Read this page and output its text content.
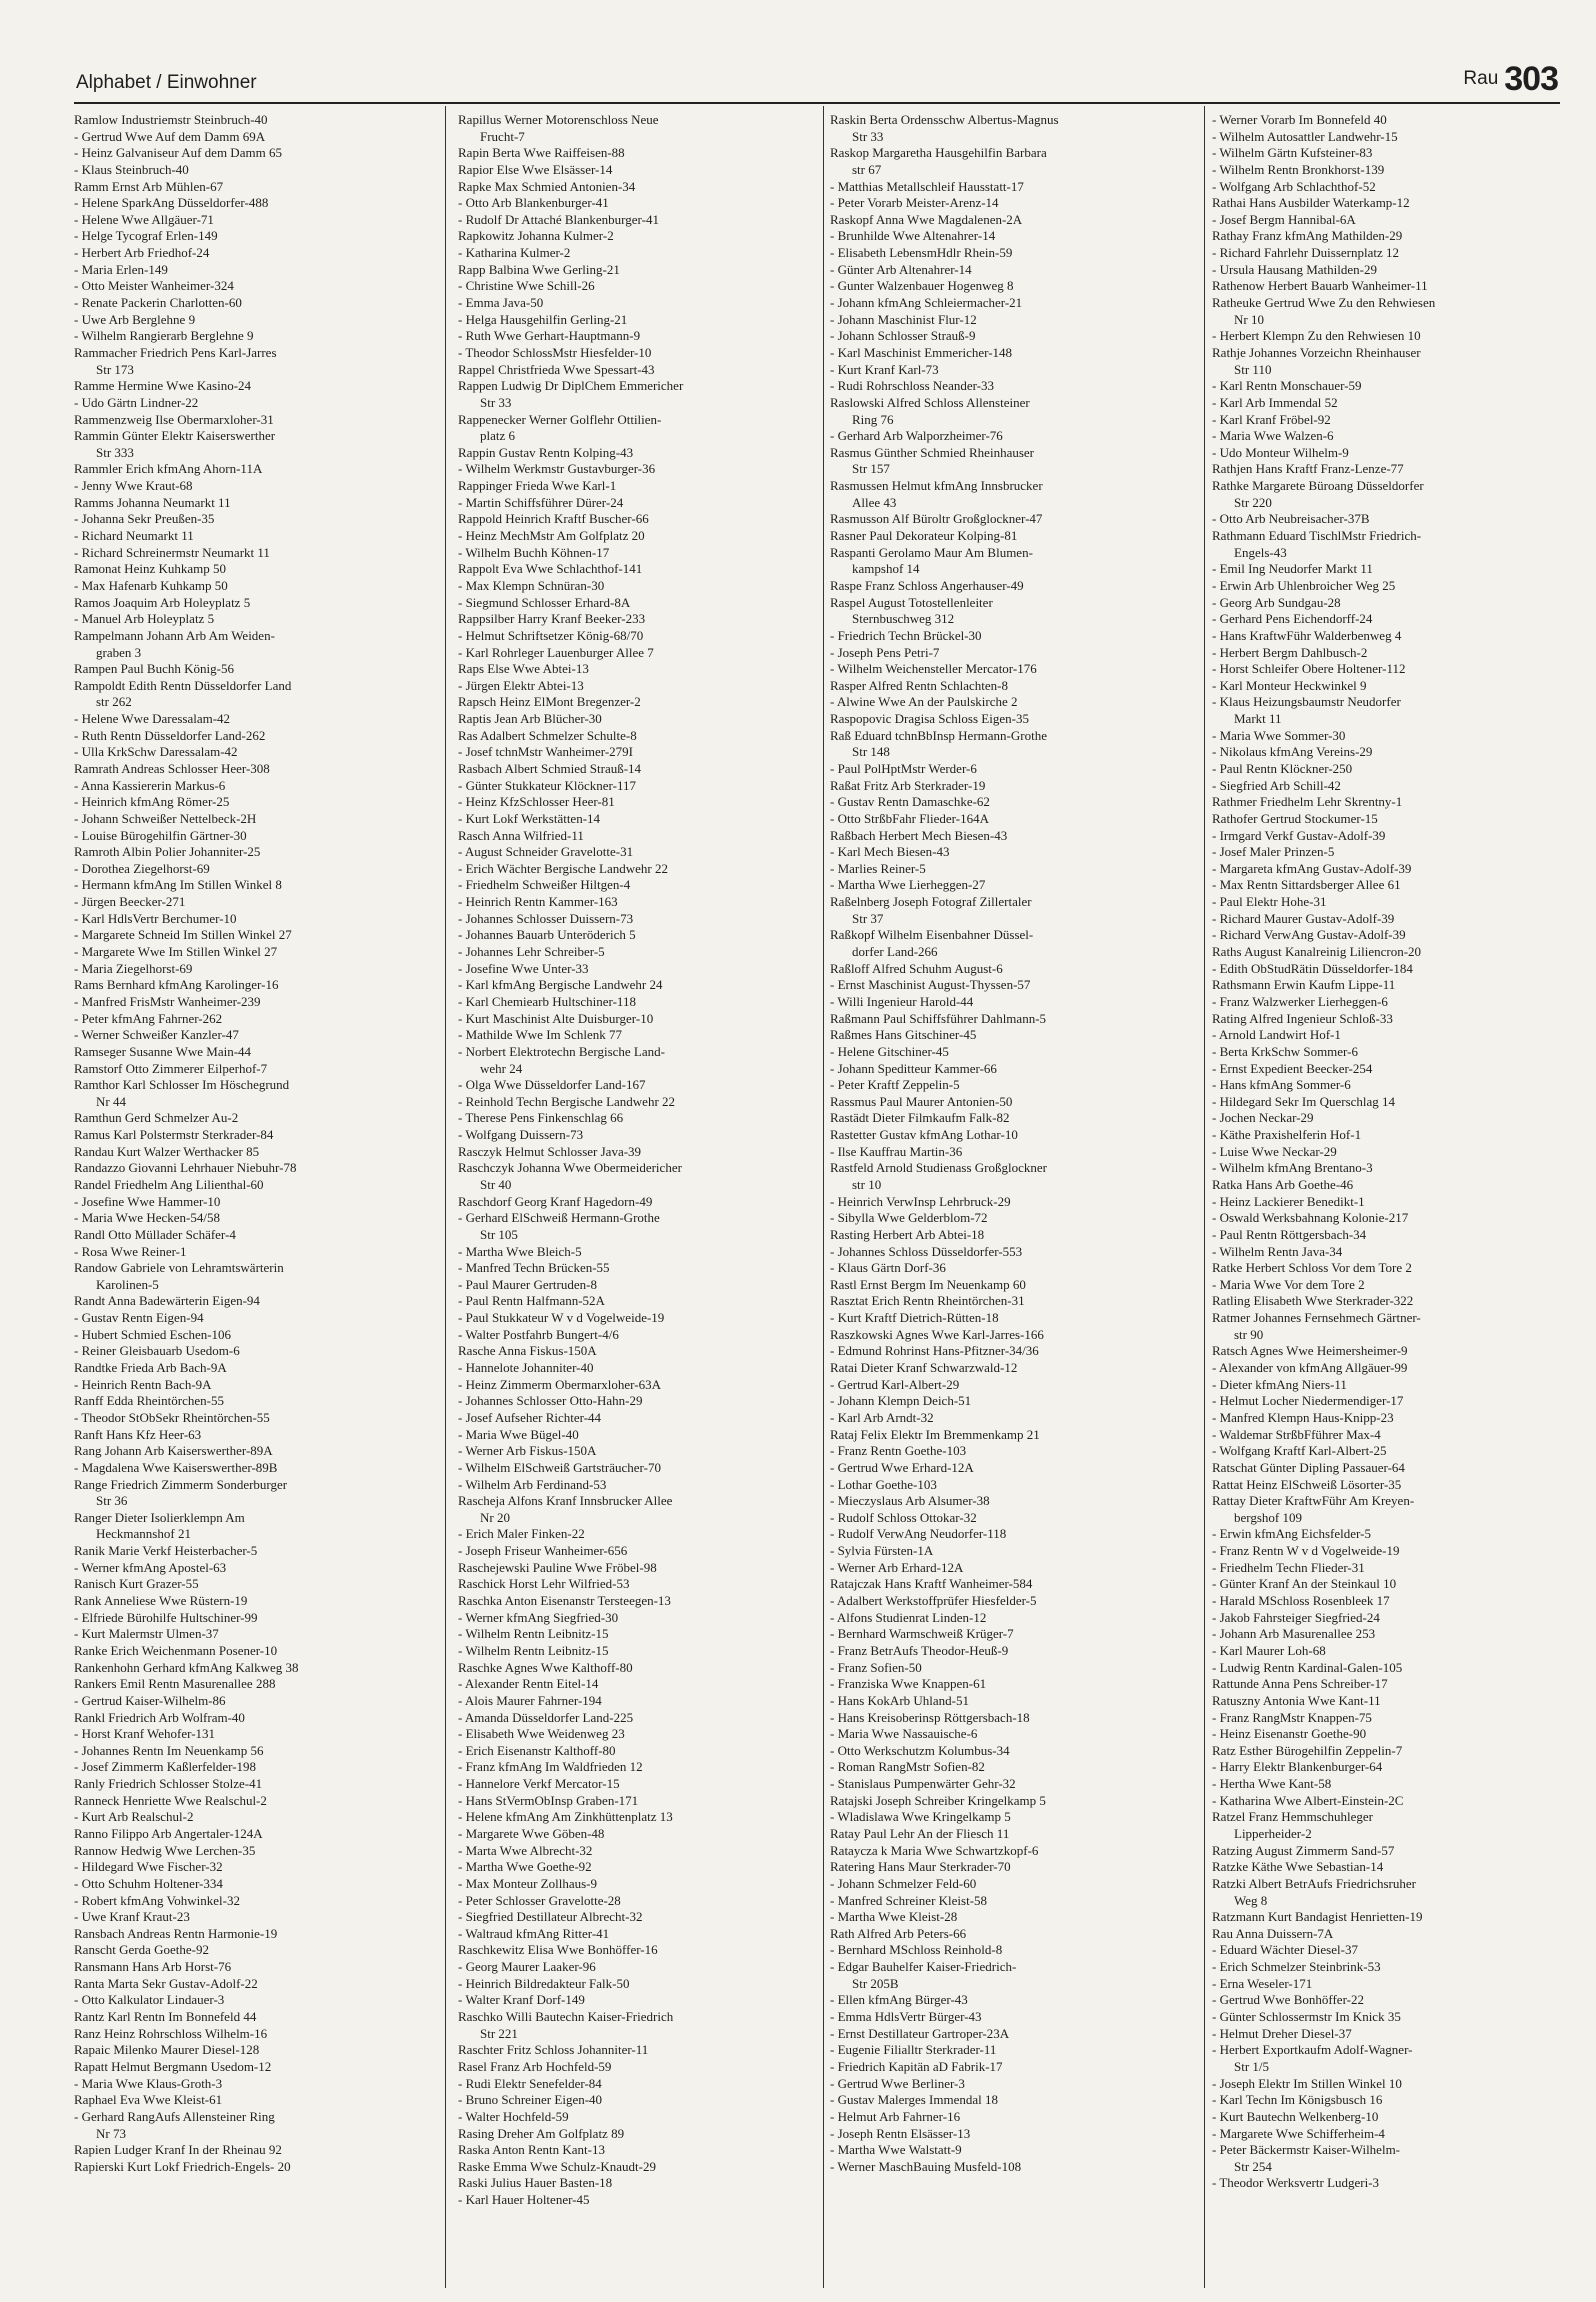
Alphabet / Einwohner	Rau 303
Ramlow Industriemstr Steinbruch-40
- Gertrud Wwe Auf dem Damm 69A
- Heinz Galvaniseur Auf dem Damm 65
- Klaus Steinbruch-40
Ramm Ernst Arb Mühlen-67
- Helene SparkAng Düsseldorfer-488
- Helene Wwe Allgäuer-71
- Helge Tycograf Erlen-149
- Herbert Arb Friedhof-24
- Maria Erlen-149
- Otto Meister Wanheimer-324
- Renate Packerin Charlotten-60
- Uwe Arb Berglehne 9
- Wilhelm Rangierarb Berglehne 9
Rammacher Friedrich Pens Karl-Jarres
Str 173
Ramme Hermine Wwe Kasino-24
- Udo Gärtn Lindner-22
Rammenzweig Ilse Obermarxloher-31
Rammin Günter Elektr Kaiserswerther
Str 333
Rammler Erich kfmAng Ahorn-11A
- Jenny Wwe Kraut-68
Ramms Johanna Neumarkt 11
- Johanna Sekr Preußen-35
- Richard Neumarkt 11
- Richard Schreinermstr Neumarkt 11
Ramonat Heinz Kuhkamp 50
- Max Hafenarb Kuhkamp 50
Ramos Joaquim Arb Holeyplatz 5
- Manuel Arb Holeyplatz 5
Rampelmann Johann Arb Am Weiden-
graben 3
Rampen Paul Buchh König-56
Rampoldt Edith Rentn Düsseldorfer Land
str 262
- Helene Wwe Daressalam-42
- Ruth Rentn Düsseldorfer Land-262
- Ulla KrkSchw Daressalam-42
Ramrath Andreas Schlosser Heer-308
- Anna Kassiererin Markus-6
- Heinrich kfmAng Römer-25
- Johann Schweißer Nettelbeck-2H
- Louise Bürogehilfin Gärtner-30
Ramroth Albin Polier Johanniter-25
- Dorothea Ziegelhorst-69
- Hermann kfmAng Im Stillen Winkel 8
- Jürgen Beecker-271
- Karl HdlsVertr Berchumer-10
- Margarete Schneid Im Stillen Winkel 27
- Margarete Wwe Im Stillen Winkel 27
- Maria Ziegelhorst-69
Rams Bernhard kfmAng Karolinger-16
- Manfred FrisMstr Wanheimer-239
- Peter kfmAng Fahrner-262
- Werner Schweißer Kanzler-47
Ramseger Susanne Wwe Main-44
Ramstorf Otto Zimmerer Eilperhof-7
Ramthor Karl Schlosser Im Höschegrund
Nr 44
Ramthun Gerd Schmelzer Au-2
Ramus Karl Polstermstr Sterkrader-84
Randau Kurt Walzer Werthacker 85
Randazzo Giovanni Lehrhauer Niebuhr-78
Randel Friedhelm Ang Lilienthal-60
- Josefine Wwe Hammer-10
- Maria Wwe Hecken-54/58
Randl Otto Müllader Schäfer-4
- Rosa Wwe Reiner-1
Randow Gabriele von Lehramtswärterin
Karolinen-5
Randt Anna Badewärterin Eigen-94
- Gustav Rentn Eigen-94
- Hubert Schmied Eschen-106
- Reiner Gleisbauarb Usedom-6
Randtke Frieda Arb Bach-9A
- Heinrich Rentn Bach-9A
Ranff Edda Rheintörchen-55
- Theodor StObSekr Rheintörchen-55
Ranft Hans Kfz Heer-63
Rang Johann Arb Kaiserswerther-89A
- Magdalena Wwe Kaiserswerther-89B
Range Friedrich Zimmerm Sonderburger
Str 36
Ranger Dieter Isolierklempn Am
Heckmannshof 21
Ranik Marie Verkf Heisterbacher-5
- Werner kfmAng Apostel-63
Ranisch Kurt Grazer-55
Rank Anneliese Wwe Rüstern-19
- Elfriede Bürohilfe Hultschiner-99
- Kurt Malermstr Ulmen-37
Ranke Erich Weichenmann Posener-10
Rankenhohn Gerhard kfmAng Kalkweg 38
Rankers Emil Rentn Masurenallee 288
- Gertrud Kaiser-Wilhelm-86
Rankl Friedrich Arb Wolfram-40
- Horst Kranf Wehofer-131
- Johannes Rentn Im Neuenkamp 56
- Josef Zimmerm Kaßlerfelder-198
Ranly Friedrich Schlosser Stolze-41
Ranneck Henriette Wwe Realschul-2
- Kurt Arb Realschul-2
Ranno Filippo Arb Angertaler-124A
Rannow Hedwig Wwe Lerchen-35
- Hildegard Wwe Fischer-32
- Otto Schuhm Holtener-334
- Robert kfmAng Vohwinkel-32
- Uwe Kranf Kraut-23
Ransbach Andreas Rentn Harmonie-19
Ranscht Gerda Goethe-92
Ransmann Hans Arb Horst-76
Ranta Marta Sekr Gustav-Adolf-22
- Otto Kalkulator Lindauer-3
Rantz Karl Rentn Im Bonnefeld 44
Ranz Heinz Rohrschloss Wilhelm-16
Rapaic Milenko Maurer Diesel-128
Rapatt Helmut Bergmann Usedom-12
- Maria Wwe Klaus-Groth-3
Raphael Eva Wwe Kleist-61
- Gerhard RangAufs Allensteiner Ring
Nr 73
Rapien Ludger Kranf In der Rheinau 92
Rapierski Kurt Lokf Friedrich-Engels- 20
Rapillus Werner Motorenschloss Neue
Frucht-7
Rapin Berta Wwe Raiffeisen-88
Rapior Else Wwe Elsässer-14
Rapke Max Schmied Antonien-34
- Otto Arb Blankenburger-41
- Rudolf Dr Attaché Blankenburger-41
Rapkowitz Johanna Kulmer-2
- Katharina Kulmer-2
Rapp Balbina Wwe Gerling-21
- Christine Wwe Schill-26
- Emma Java-50
- Helga Hausgehilfin Gerling-21
- Ruth Wwe Gerhart-Hauptmann-9
- Theodor SchlossMstr Hiesfelder-10
Rappel Christfrieda Wwe Spessart-43
Rappen Ludwig Dr DiplChem Emmericher
Str 33
Rappenecker Werner Golflehr Ottilien-
platz 6
Rappin Gustav Rentn Kolping-43
- Wilhelm Werkmstr Gustavburger-36
Rappinger Frieda Wwe Karl-1
- Martin Schiffsführer Dürer-24
Rappold Heinrich Kraftf Buscher-66
- Heinz MechMstr Am Golfplatz 20
- Wilhelm Buchh Köhnen-17
Rappolt Eva Wwe Schlachthof-141
- Max Klempn Schnüran-30
- Siegmund Schlosser Erhard-8A
Rappsilber Harry Kranf Beeker-233
- Helmut Schriftsetzer König-68/70
- Karl Rohrleger Lauenburger Allee 7
Raps Else Wwe Abtei-13
- Jürgen Elektr Abtei-13
Rapsch Heinz ElMont Bregenzer-2
Raptis Jean Arb Blücher-30
Ras Adalbert Schmelzer Schulte-8
- Josef tchnMstr Wanheimer-279I
Rasbach Albert Schmied Strauß-14
- Günter Stukkateur Klöckner-117
- Heinz KfzSchlosser Heer-81
- Kurt Lokf Werkstätten-14
Rasch Anna Wilfried-11
- August Schneider Gravelotte-31
- Erich Wächter Bergische Landwehr 22
- Friedhelm Schweißer Hiltgen-4
- Heinrich Rentn Kammer-163
- Johannes Schlosser Duissern-73
- Johannes Bauarb Unteröderich 5
- Johannes Lehr Schreiber-5
- Josefine Wwe Unter-33
- Karl kfmAng Bergische Landwehr 24
- Karl Chemiearb Hultschiner-118
- Kurt Maschinist Alte Duisburger-10
- Mathilde Wwe Im Schlenk 77
- Norbert Elektrotechn Bergische Land-
wehr 24
- Olga Wwe Düsseldorfer Land-167
- Reinhold Techn Bergische Landwehr 22
- Therese Pens Finkenschlag 66
- Wolfgang Duissern-73
Rasczyk Helmut Schlosser Java-39
Raschczyk Johanna Wwe Obermeidericher
Str 40
Raschdorf Georg Kranf Hagedorn-49
- Gerhard ElSchweiß Hermann-Grothe
Str 105
- Martha Wwe Bleich-5
- Manfred Techn Brücken-55
- Paul Maurer Gertruden-8
- Paul Rentn Halfmann-52A
- Paul Stukkateur W v d Vogelweide-19
- Walter Postfahrb Bungert-4/6
Rasche Anna Fiskus-150A
- Hannelote Johanniter-40
- Heinz Zimmerm Obermarxloher-63A
- Johannes Schlosser Otto-Hahn-29
- Josef Aufseher Richter-44
- Maria Wwe Bügel-40
- Werner Arb Fiskus-150A
- Wilhelm ElSchweiß Gartsträucher-70
- Wilhelm Arb Ferdinand-53
Rascheja Alfons Kranf Innsbrucker Allee
Nr 20
- Erich Maler Finken-22
- Joseph Friseur Wanheimer-656
Raschejewski Pauline Wwe Fröbel-98
Raschick Horst Lehr Wilfried-53
Raschka Anton Eisenanstr Tersteegen-13
- Werner kfmAng Siegfried-30
- Wilhelm Rentn Leibnitz-15
- Wilhelm Rentn Leibnitz-15
Raschke Agnes Wwe Kalthoff-80
- Alexander Rentn Eitel-14
- Alois Maurer Fahrner-194
- Amanda Düsseldorfer Land-225
- Elisabeth Wwe Weidenweg 23
- Erich Eisenanstr Kalthoff-80
- Franz kfmAng Im Waldfrieden 12
- Hannelore Verkf Mercator-15
- Hans StVermObInsp Graben-171
- Helene kfmAng Am Zinkhüttenplatz 13
- Margarete Wwe Göben-48
- Marta Wwe Albrecht-32
- Martha Wwe Goethe-92
- Max Monteur Zollhaus-9
- Peter Schlosser Gravelotte-28
- Siegfried Destillateur Albrecht-32
- Waltraud kfmAng Ritter-41
Raschkewitz Elisa Wwe Bonhöffer-16
- Georg Maurer Laaker-96
- Heinrich Bildredakteur Falk-50
- Walter Kranf Dorf-149
Raschko Willi Bautechn Kaiser-Friedrich
Str 221
Raschter Fritz Schloss Johanniter-11
Rasel Franz Arb Hochfeld-59
- Rudi Elektr Senefelder-84
- Bruno Schreiner Eigen-40
- Walter Hochfeld-59
Rasing Dreher Am Golfplatz 89
Raska Anton Rentn Kant-13
Raske Emma Wwe Schulz-Knaudt-29
Raski Julius Hauer Basten-18
- Karl Hauer Holtener-45
Raskin Berta Ordensschw Albertus-Magnus
Str 33
Raskop Margaretha Hausgehilfin Barbara
str 67
- Matthias Metallschleif Hausstatt-17
- Peter Vorarb Meister-Arenz-14
Raskopf Anna Wwe Magdalenen-2A
- Brunhilde Wwe Altenahrer-14
- Elisabeth LebensmHdlr Rhein-59
- Günter Arb Altenahrer-14
- Gunter Walzenbauer Hogenweg 8
- Johann kfmAng Schleiermacher-21
- Johann Maschinist Flur-12
- Johann Schlosser Strauß-9
- Karl Maschinist Emmericher-148
- Kurt Kranf Karl-73
- Rudi Rohrschloss Neander-33
Raslowski Alfred Schloss Allensteiner
Ring 76
- Gerhard Arb Walporzheimer-76
Rasmus Günther Schmied Rheinhauser
Str 157
Rasmussen Helmut kfmAng Innsbrucker
Allee 43
Rasmusson Alf Büroltr Großglockner-47
Rasner Paul Dekorateur Kolping-81
Raspanti Gerolamo Maur Am Blumen-
kampshof 14
Raspe Franz Schloss Angerhauser-49
Raspel August Totostellenleiter
Sternbuschweg 312
- Friedrich Techn Brückel-30
- Joseph Pens Petri-7
- Wilhelm Weichensteller Mercator-176
Rasper Alfred Rentn Schlachten-8
- Alwine Wwe An der Paulskirche 2
Raspopovic Dragisa Schloss Eigen-35
Raß Eduard tchnBbInsp Hermann-Grothe
Str 148
- Paul PolHptMstr Werder-6
Raßat Fritz Arb Sterkrader-19
- Gustav Rentn Damaschke-62
- Otto StrßbFahr Flieder-164A
Raßbach Herbert Mech Biesen-43
- Karl Mech Biesen-43
- Marlies Reiner-5
- Martha Wwe Lierheggen-27
Raßelnberg Joseph Fotograf Zillertaler
Str 37
Raßkopf Wilhelm Eisenbahner Düssel-
dorfer Land-266
Raßloff Alfred Schuhm August-6
- Ernst Maschinist August-Thyssen-57
- Willi Ingenieur Harold-44
Raßmann Paul Schiffsführer Dahlmann-5
Raßmes Hans Gitschiner-45
- Helene Gitschiner-45
- Johann Speditteur Kammer-66
- Peter Kraftf Zeppelin-5
Rassmus Paul Maurer Antonien-50
Rastädt Dieter Filmkaufm Falk-82
Rastetter Gustav kfmAng Lothar-10
- Ilse Kauffrau Martin-36
Rastfeld Arnold Studienass Großglockner
str 10
- Heinrich VerwInsp Lehrbruck-29
- Sibylla Wwe Gelderblom-72
Rasting Herbert Arb Abtei-18
- Johannes Schloss Düsseldorfer-553
- Klaus Gärtn Dorf-36
Rastl Ernst Bergm Im Neuenkamp 60
Rasztat Erich Rentn Rheintörchen-31
- Kurt Kraftf Dietrich-Rütten-18
Raszkowski Agnes Wwe Karl-Jarres-166
- Edmund Rohrinst Hans-Pfitzner-34/36
Ratai Dieter Kranf Schwarzwald-12
- Gertrud Karl-Albert-29
- Johann Klempn Deich-51
- Karl Arb Arndt-32
Rataj Felix Elektr Im Bremmenkamp 21
- Franz Rentn Goethe-103
- Gertrud Wwe Erhard-12A
- Lothar Goethe-103
- Mieczyslaus Arb Alsumer-38
- Rudolf Schloss Ottokar-32
- Rudolf VerwAng Neudorfer-118
- Sylvia Fürsten-1A
- Werner Arb Erhard-12A
Ratajczak Hans Kraftf Wanheimer-584
- Adalbert Werkstoffprüfer Hiesfelder-5
- Alfons Studienrat Linden-12
- Bernhard Warmschweiß Krüger-7
- Franz BetrAufs Theodor-Heuß-9
- Franz Sofien-50
- Franziska Wwe Knappen-61
- Hans KokArb Uhland-51
- Hans Kreisoberinsp Röttgersbach-18
- Maria Wwe Nassauische-6
- Otto Werkschutzm Kolumbus-34
- Roman RangMstr Sofien-82
- Stanislaus Pumpenwärter Gehr-32
Ratajski Joseph Schreiber Kringelkamp 5
- Wladislawa Wwe Kringelkamp 5
Ratay Paul Lehr An der Fliesch 11
Rataycza k Maria Wwe Schwartzkopf-6
Ratering Hans Maur Sterkrader-70
- Johann Schmelzer Feld-60
- Manfred Schreiner Kleist-58
- Martha Wwe Kleist-28
Rath Alfred Arb Peters-66
- Bernhard MSchloss Reinhold-8
- Edgar Bauhelfer Kaiser-Friedrich-
Str 205B
- Ellen kfmAng Bürger-43
- Emma HdlsVertr Bürger-43
- Ernst Destillateur Gartroper-23A
- Eugenie Filialltr Sterkrader-11
- Friedrich Kapitän aD Fabrik-17
- Gertrud Wwe Berliner-3
- Gustav Malerges Immendal 18
- Helmut Arb Fahrner-16
- Joseph Rentn Elsässer-13
- Martha Wwe Walstatt-9
- Werner MaschBauing Musfeld-108
- Werner Vorarb Im Bonnefeld 40
- Wilhelm Autosattler Landwehr-15
- Wilhelm Gärtn Kufsteiner-83
- Wilhelm Rentn Bronkhorst-139
- Wolfgang Arb Schlachthof-52
Rathai Hans Ausbilder Waterkamp-12
- Josef Bergm Hannibal-6A
Rathay Franz kfmAng Mathilden-29
- Richard Fahrlehr Duissernplatz 12
- Ursula Hausang Mathilden-29
Rathenow Herbert Bauarb Wanheimer-11
Ratheuke Gertrud Wwe Zu den Rehwiesen
Nr 10
- Herbert Klempn Zu den Rehwiesen 10
Rathje Johannes Vorzeichn Rheinhauser
Str 110
- Karl Rentn Monschauer-59
- Karl Arb Immendal 52
- Karl Kranf Fröbel-92
- Maria Wwe Walzen-6
- Udo Monteur Wilhelm-9
Rathjen Hans Kraftf Franz-Lenze-77
Rathke Margarete Büroang Düsseldorfer
Str 220
- Otto Arb Neubreisacher-37B
Rathmann Eduard TischlMstr Friedrich-
Engels-43
- Emil Ing Neudorfer Markt 11
- Erwin Arb Uhlenbroicher Weg 25
- Georg Arb Sundgau-28
- Gerhard Pens Eichendorff-24
- Hans KraftwFühr Walderbenweg 4
- Herbert Bergm Dahlbusch-2
- Horst Schleifer Obere Holtener-112
- Karl Monteur Heckwinkel 9
- Klaus Heizungsbaumstr Neudorfer
Markt 11
- Maria Wwe Sommer-30
- Nikolaus kfmAng Vereins-29
- Paul Rentn Klöckner-250
- Siegfried Arb Schill-42
Rathmer Friedhelm Lehr Skrentny-1
Rathofer Gertrud Stockumer-15
- Irmgard Verkf Gustav-Adolf-39
- Josef Maler Prinzen-5
- Margareta kfmAng Gustav-Adolf-39
- Max Rentn Sittardsberger Allee 61
- Paul Elektr Hohe-31
- Richard Maurer Gustav-Adolf-39
- Richard VerwAng Gustav-Adolf-39
Raths August Kanalreinig Liliencron-20
- Edith ObStudRätin Düsseldorfer-184
Rathsmann Erwin Kaufm Lippe-11
- Franz Walzwerker Lierheggen-6
Rating Alfred Ingenieur Schloß-33
- Arnold Landwirt Hof-1
- Berta KrkSchw Sommer-6
- Ernst Expedient Beecker-254
- Hans kfmAng Sommer-6
- Hildegard Sekr Im Querschlag 14
- Jochen Neckar-29
- Käthe Praxishelferin Hof-1
- Luise Wwe Neckar-29
- Wilhelm kfmAng Brentano-3
Ratka Hans Arb Goethe-46
- Heinz Lackierer Benedikt-1
- Oswald Werksbahnang Kolonie-217
- Paul Rentn Röttgersbach-34
- Wilhelm Rentn Java-34
Ratke Herbert Schloss Vor dem Tore 2
- Maria Wwe Vor dem Tore 2
Ratling Elisabeth Wwe Sterkrader-322
Ratmer Johannes Fernsehmech Gärtner-
str 90
Ratsch Agnes Wwe Heimersheimer-9
- Alexander von kfmAng Allgäuer-99
- Dieter kfmAng Niers-11
- Helmut Locher Niedermendiger-17
- Manfred Klempn Haus-Knipp-23
- Waldemar StrßbFführer Max-4
- Wolfgang Kraftf Karl-Albert-25
Ratschat Günter Dipling Passauer-64
Rattat Heinz ElSchweiß Lösorter-35
Rattay Dieter KraftwFühr Am Kreyen-
bergshof 109
- Erwin kfmAng Eichsfelder-5
- Franz Rentn W v d Vogelweide-19
- Friedhelm Techn Flieder-31
- Günter Kranf An der Steinkaul 10
- Harald MSchloss Rosenbleek 17
- Jakob Fahrsteiger Siegfried-24
- Johann Arb Masurenallee 253
- Karl Maurer Loh-68
- Ludwig Rentn Kardinal-Galen-105
Rattunde Anna Pens Schreiber-17
Ratuszny Antonia Wwe Kant-11
- Franz RangMstr Knappen-75
- Heinz Eisenanstr Goethe-90
Ratz Esther Bürogehilfin Zeppelin-7
- Harry Elektr Blankenburger-64
- Hertha Wwe Kant-58
- Katharina Wwe Albert-Einstein-2C
Ratzel Franz Hemmschuhleger
Lipperheider-2
Ratzing August Zimmerm Sand-57
Ratzke Käthe Wwe Sebastian-14
Ratzki Albert BetrAufs Friedrichsruher
Weg 8
Ratzmann Kurt Bandagist Henrietten-19
Rau Anna Duissern-7A
- Eduard Wächter Diesel-37
- Erich Schmelzer Steinbrink-53
- Erna Weseler-171
- Gertrud Wwe Bonhöffer-22
- Günter Schlossermstr Im Knick 35
- Helmut Dreher Diesel-37
- Herbert Exportkaufm Adolf-Wagner-
Str 1/5
- Joseph Elektr Im Stillen Winkel 10
- Karl Techn Im Königsbusch 16
- Kurt Bautechn Welkenberg-10
- Margarete Wwe Schifferheim-4
- Peter Bäckermstr Kaiser-Wilhelm-
Str 254
- Theodor Werksvertr Ludgeri-3
